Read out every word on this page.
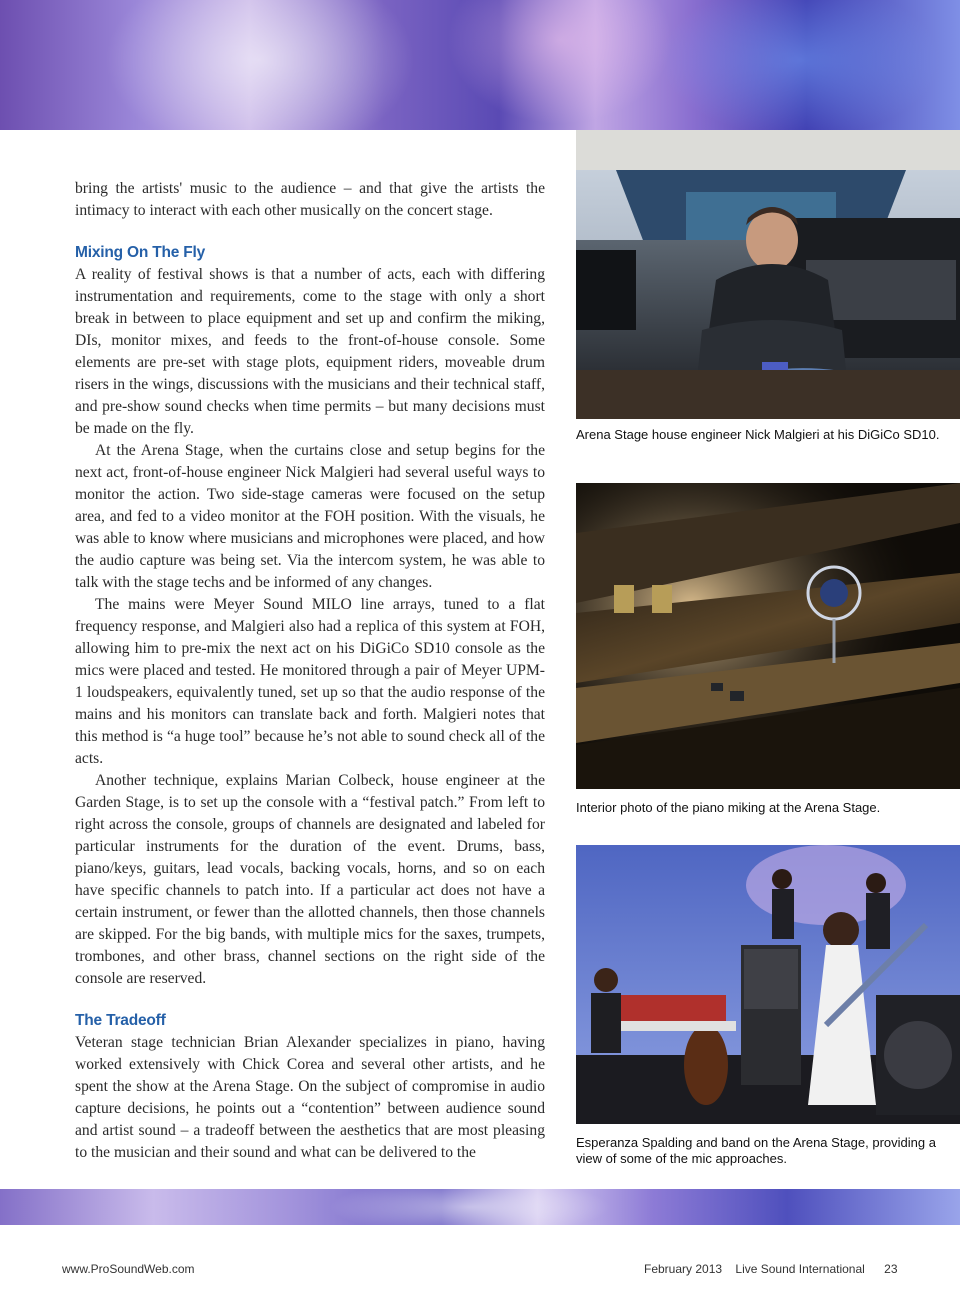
bring the artists' music to the audience – and that give the artists the intimacy to interact with each other musically on the concert stage.

Mixing On The Fly

A reality of festival shows is that a number of acts, each with differing instrumentation and requirements, come to the stage with only a short break in between to place equipment and set up and confirm the miking, DIs, monitor mixes, and feeds to the front-of-house console. Some elements are pre-set with stage plots, equipment riders, moveable drum risers in the wings, discussions with the musicians and their technical staff, and pre-show sound checks when time permits – but many decisions must be made on the fly.

At the Arena Stage, when the curtains close and setup begins for the next act, front-of-house engineer Nick Malgieri had several useful ways to monitor the action. Two side-stage cameras were focused on the setup area, and fed to a video monitor at the FOH position. With the visuals, he was able to know where musicians and microphones were placed, and how the audio capture was being set. Via the intercom system, he was able to talk with the stage techs and be informed of any changes.

The mains were Meyer Sound MILO line arrays, tuned to a flat frequency response, and Malgieri also had a replica of this system at FOH, allowing him to pre-mix the next act on his DiGiCo SD10 console as the mics were placed and tested. He monitored through a pair of Meyer UPM-1 loudspeakers, equivalently tuned, set up so that the audio response of the mains and his monitors can translate back and forth. Malgieri notes that this method is “a huge tool” because he’s not able to sound check all of the acts.

Another technique, explains Marian Colbeck, house engineer at the Garden Stage, is to set up the console with a “festival patch.” From left to right across the console, groups of channels are designated and labeled for particular instruments for the duration of the event. Drums, bass, piano/keys, guitars, lead vocals, backing vocals, horns, and so on each have specific channels to patch into. If a particular act does not have a certain instrument, or fewer than the allotted channels, then those channels are skipped. For the big bands, with multiple mics for the saxes, trumpets, trombones, and other brass, channel sections on the right side of the console are reserved.

The Tradeoff

Veteran stage technician Brian Alexander specializes in piano, having worked extensively with Chick Corea and several other artists, and he spent the show at the Arena Stage. On the subject of compromise in audio capture decisions, he points out a “contention” between audience sound and artist sound – a tradeoff between the aesthetics that are most pleasing to the musician and their sound and what can be delivered to the

Arena Stage house engineer Nick Malgieri at his DiGiCo SD10.
Interior photo of the piano miking at the Arena Stage.
Esperanza Spalding and band on the Arena Stage, providing a view of some of the mic approaches.
www.ProSoundWeb.com	February 2013 Live Sound International 23
